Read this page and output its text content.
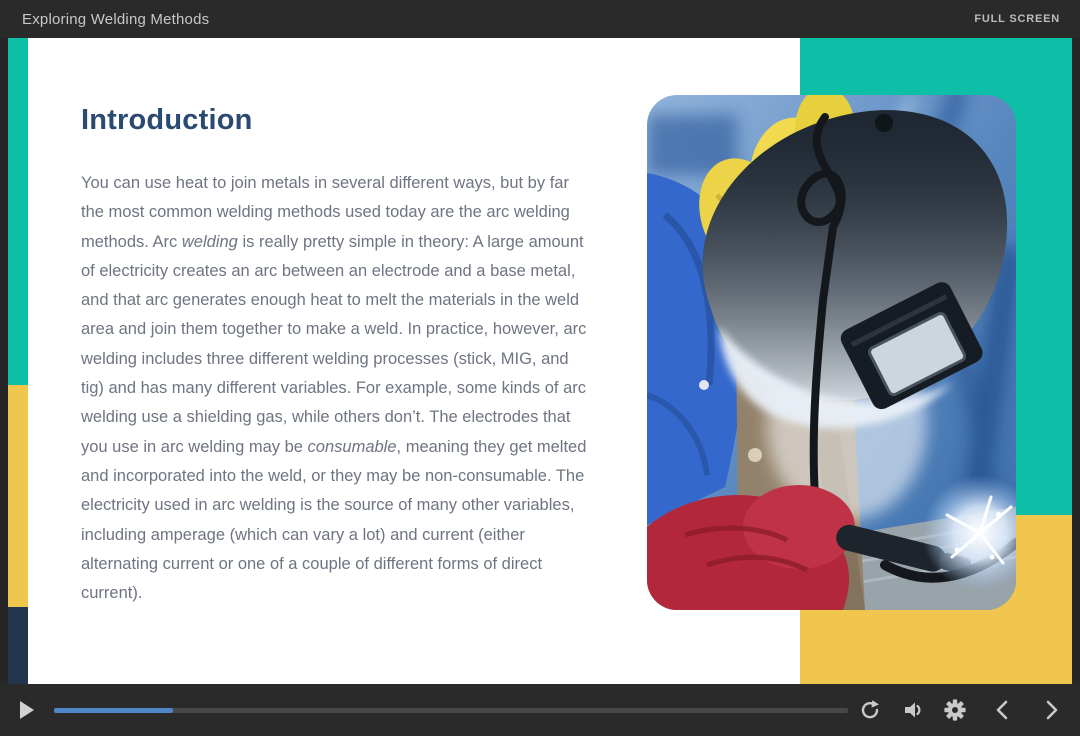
Exploring Welding Methods	FULL SCREEN
Introduction

You can use heat to join metals in several different ways, but by far the most common welding methods used today are the arc welding methods. Arc welding is really pretty simple in theory: A large amount of electricity creates an arc between an electrode and a base metal, and that arc generates enough heat to melt the materials in the weld area and join them together to make a weld. In practice, however, arc welding includes three different welding processes (stick, MIG, and tig) and has many different variables. For example, some kinds of arc welding use a shielding gas, while others don’t. The electrodes that you use in arc welding may be consumable, meaning they get melted and incorporated into the weld, or they may be non-consumable. The electricity used in arc welding is the source of many other variables, including amperage (which can vary a lot) and current (either alternating current or one of a couple of different forms of direct current).
